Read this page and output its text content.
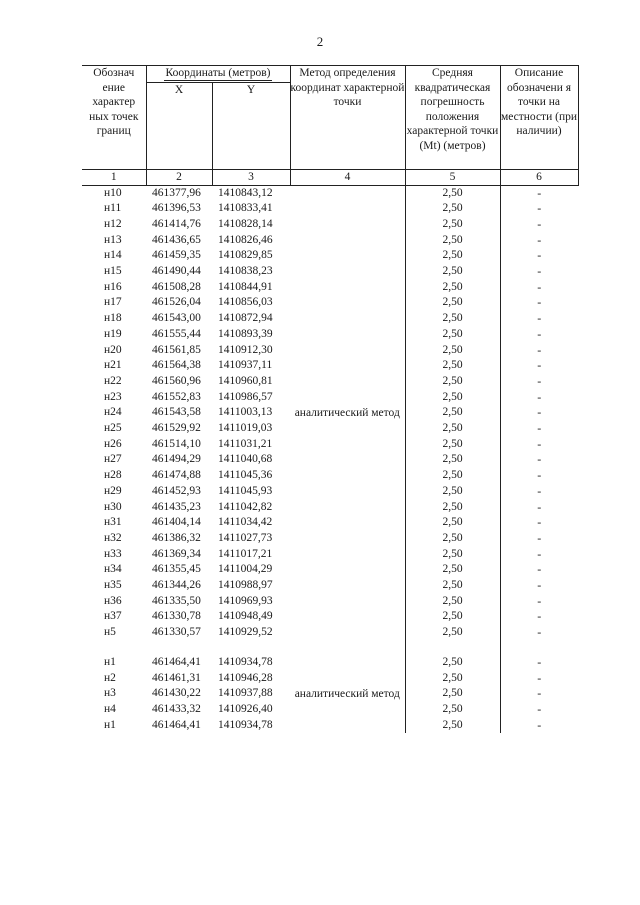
2
Обознач ение характер ных точек границ	Координаты (метров)		Метод определения координат характерной точки	Средняя квадратическая погрешность положения характерной точки (Mt) (метров)	Описание обозначени я точки на местности (при наличии)
	X	Y			
1	2	3	4	5	6
н10	461377,96	1410843,12	аналитический метод	2,50	-
н11	461396,53	1410833,41		2,50	-
н12	461414,76	1410828,14		2,50	-
н13	461436,65	1410826,46		2,50	-
н14	461459,35	1410829,85		2,50	-
н15	461490,44	1410838,23		2,50	-
н16	461508,28	1410844,91		2,50	-
н17	461526,04	1410856,03		2,50	-
н18	461543,00	1410872,94		2,50	-
н19	461555,44	1410893,39		2,50	-
н20	461561,85	1410912,30		2,50	-
н21	461564,38	1410937,11		2,50	-
н22	461560,96	1410960,81		2,50	-
н23	461552,83	1410986,57		2,50	-
н24	461543,58	1411003,13		2,50	-
н25	461529,92	1411019,03		2,50	-
н26	461514,10	1411031,21		2,50	-
н27	461494,29	1411040,68		2,50	-
н28	461474,88	1411045,36		2,50	-
н29	461452,93	1411045,93		2,50	-
н30	461435,23	1411042,82		2,50	-
н31	461404,14	1411034,42		2,50	-
н32	461386,32	1411027,73		2,50	-
н33	461369,34	1411017,21		2,50	-
н34	461355,45	1411004,29		2,50	-
н35	461344,26	1410988,97		2,50	-
н36	461335,50	1410969,93		2,50	-
н37	461330,78	1410948,49		2,50	-
н5	461330,57	1410929,52		2,50	-

н1	461464,41	1410934,78	аналитический метод	2,50	-
н2	461461,31	1410946,28		2,50	-
н3	461430,22	1410937,88		2,50	-
н4	461433,32	1410926,40		2,50	-
н1	461464,41	1410934,78		2,50	-
